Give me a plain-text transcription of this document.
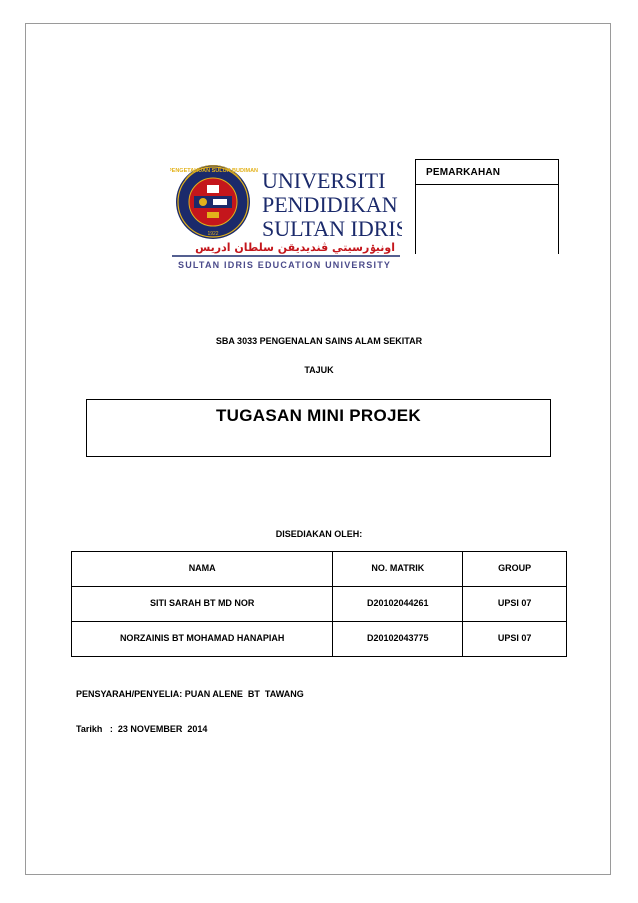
PENGETAHUAN SULUH BUDIMAN
1922
UNIVERSITI
PENDIDIKAN
SULTAN IDRIS
اونيۏرسيتي ڤنديديقن سلطان ادريس
SULTAN IDRIS EDUCATION UNIVERSITY
PEMARKAHAN
SBA 3033 PENGENALAN SAINS ALAM SEKITAR
TAJUK
TUGASAN MINI PROJEK
DISEDIAKAN OLEH:
NAMA	NO. MATRIK	GROUP
SITI SARAH BT MD NOR	D20102044261	UPSI 07
NORZAINIS BT MOHAMAD HANAPIAH	D20102043775	UPSI 07
PENSYARAH/PENYELIA: PUAN ALENE  BT  TAWANG
Tarikh   :  23 NOVEMBER  2014
